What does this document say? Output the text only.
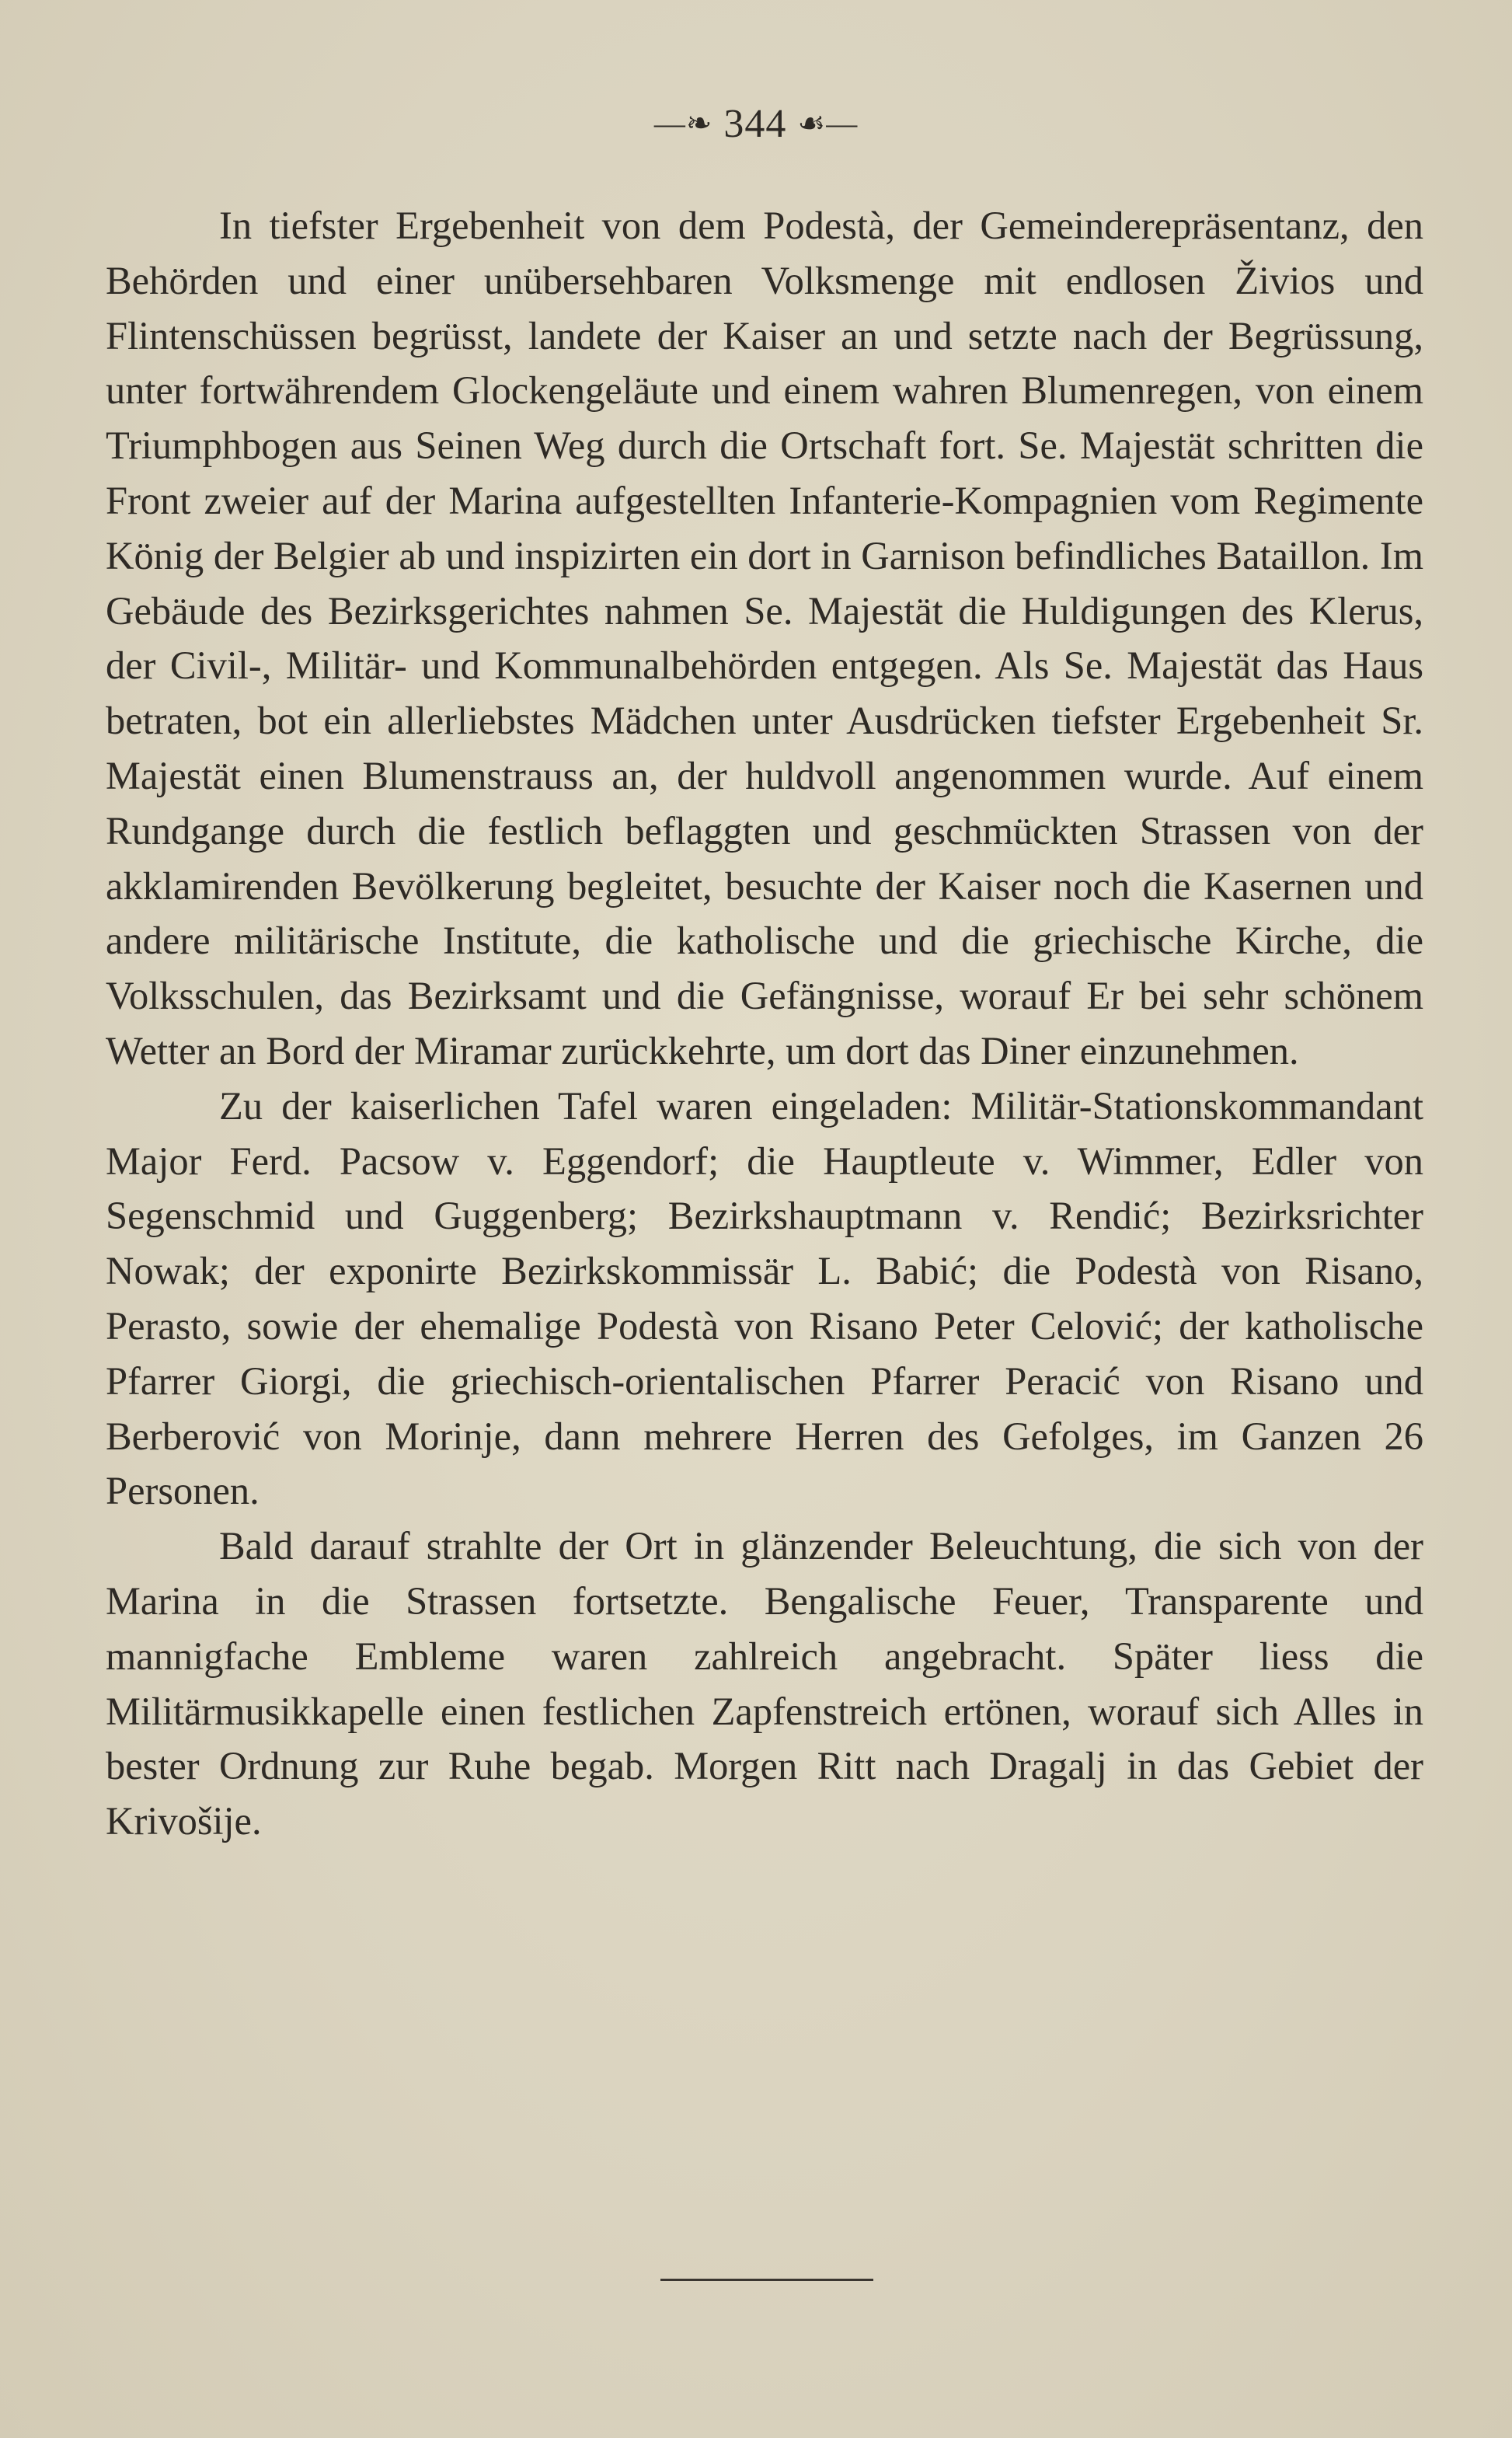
—❧ 344 ☙—

In tiefster Ergebenheit von dem Podestà, der Gemeinderepräsentanz, den Behörden und einer unübersehbaren Volksmenge mit endlosen Živios und Flintenschüssen begrüsst, landete der Kaiser an und setzte nach der Begrüssung, unter fortwährendem Glockengeläute und einem wahren Blumenregen, von einem Triumphbogen aus Seinen Weg durch die Ortschaft fort. Se. Majestät schritten die Front zweier auf der Marina aufgestellten Infanterie-Kompagnien vom Regimente König der Belgier ab und inspizirten ein dort in Garnison befindliches Bataillon. Im Gebäude des Bezirksgerichtes nahmen Se. Majestät die Huldigungen des Klerus, der Civil-, Militär- und Kommunalbehörden entgegen. Als Se. Majestät das Haus betraten, bot ein allerliebstes Mädchen unter Ausdrücken tiefster Ergebenheit Sr. Majestät einen Blumenstrauss an, der huldvoll angenommen wurde. Auf einem Rundgange durch die festlich beflaggten und geschmückten Strassen von der akklamirenden Bevölkerung begleitet, besuchte der Kaiser noch die Kasernen und andere militärische Institute, die katholische und die griechische Kirche, die Volksschulen, das Bezirksamt und die Gefängnisse, worauf Er bei sehr schönem Wetter an Bord der Miramar zurückkehrte, um dort das Diner einzunehmen.

Zu der kaiserlichen Tafel waren eingeladen: Militär-Stationskommandant Major Ferd. Pacsow v. Eggendorf; die Hauptleute v. Wimmer, Edler von Segenschmid und Guggenberg; Bezirkshauptmann v. Rendić; Bezirksrichter Nowak; der exponirte Bezirkskommissär L. Babić; die Podestà von Risano, Perasto, sowie der ehemalige Podestà von Risano Peter Celović; der katholische Pfarrer Giorgi, die griechisch-orientalischen Pfarrer Peracić von Risano und Berberović von Morinje, dann mehrere Herren des Gefolges, im Ganzen 26 Personen.

Bald darauf strahlte der Ort in glänzender Beleuchtung, die sich von der Marina in die Strassen fortsetzte. Bengalische Feuer, Transparente und mannigfache Embleme waren zahlreich angebracht. Später liess die Militärmusikkapelle einen festlichen Zapfenstreich ertönen, worauf sich Alles in bester Ordnung zur Ruhe begab. Morgen Ritt nach Dragalj in das Gebiet der Krivošije.
